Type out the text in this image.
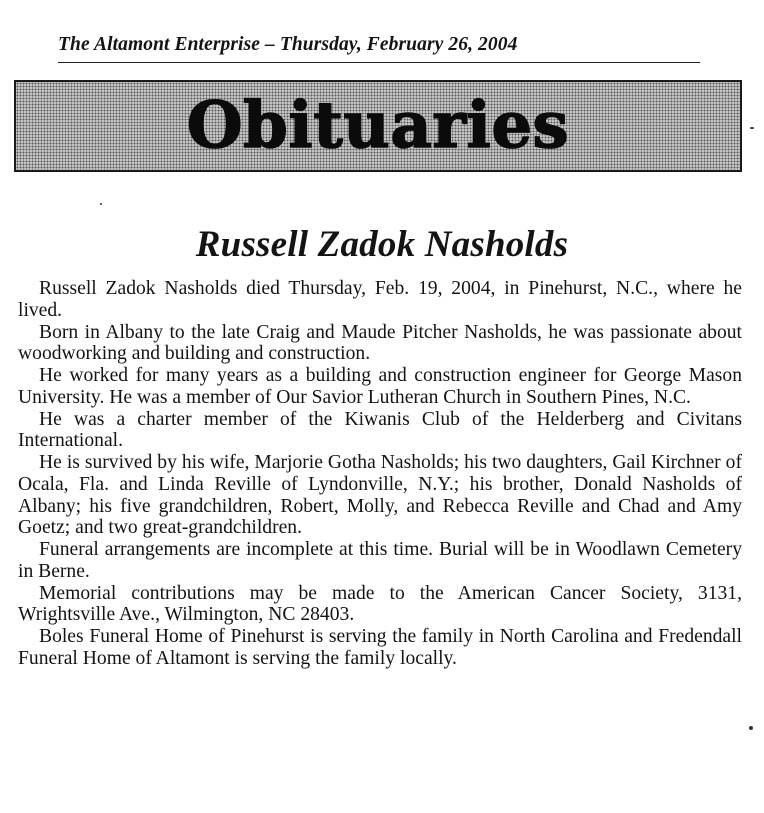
The Altamont Enterprise – Thursday, February 26, 2004
Obituaries
Russell Zadok Nasholds

Russell Zadok Nasholds died Thursday, Feb. 19, 2004, in Pinehurst, N.C., where he lived.

Born in Albany to the late Craig and Maude Pitcher Nasholds, he was passionate about woodworking and building and construction.

He worked for many years as a building and construction engineer for George Mason University. He was a member of Our Savior Lutheran Church in Southern Pines, N.C.

He was a charter member of the Kiwanis Club of the Helderberg and Civitans International.

He is survived by his wife, Marjorie Gotha Nasholds; his two daughters, Gail Kirchner of Ocala, Fla. and Linda Reville of Lyndonville, N.Y.; his brother, Donald Nasholds of Albany; his five grandchildren, Robert, Molly, and Rebecca Reville and Chad and Amy Goetz; and two great-grandchildren.

Funeral arrangements are incomplete at this time. Burial will be in Woodlawn Cemetery in Berne.

Memorial contributions may be made to the American Cancer Society, 3131, Wrightsville Ave., Wilmington, NC 28403.

Boles Funeral Home of Pinehurst is serving the family in North Carolina and Fredendall Funeral Home of Altamont is serving the family locally.
